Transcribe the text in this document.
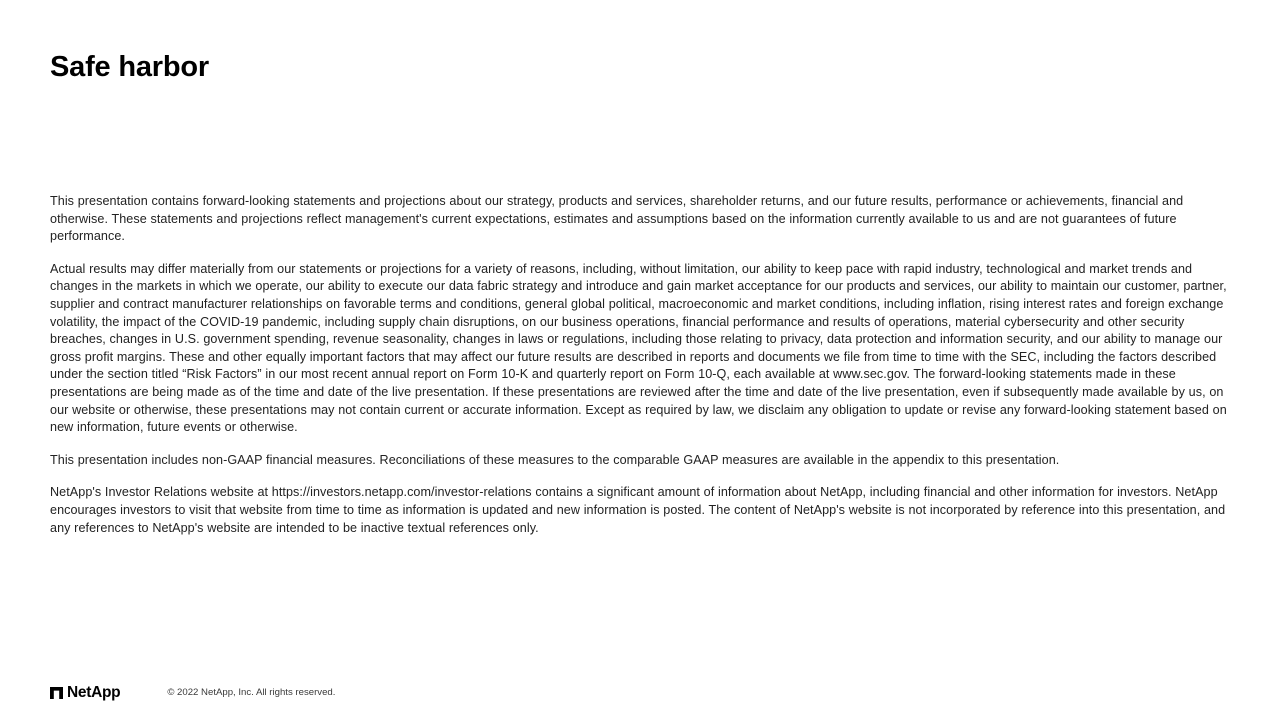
Safe harbor

This presentation contains forward-looking statements and projections about our strategy, products and services, shareholder returns, and our future results, performance or achievements, financial and otherwise. These statements and projections reflect management's current expectations, estimates and assumptions based on the information currently available to us and are not guarantees of future performance.

Actual results may differ materially from our statements or projections for a variety of reasons, including, without limitation, our ability to keep pace with rapid industry, technological and market trends and changes in the markets in which we operate, our ability to execute our data fabric strategy and introduce and gain market acceptance for our products and services, our ability to maintain our customer, partner, supplier and contract manufacturer relationships on favorable terms and conditions, general global political, macroeconomic and market conditions, including inflation, rising interest rates and foreign exchange volatility, the impact of the COVID-19 pandemic, including supply chain disruptions, on our business operations, financial performance and results of operations, material cybersecurity and other security breaches, changes in U.S. government spending, revenue seasonality, changes in laws or regulations, including those relating to privacy, data protection and information security, and our ability to manage our gross profit margins. These and other equally important factors that may affect our future results are described in reports and documents we file from time to time with the SEC, including the factors described under the section titled “Risk Factors” in our most recent annual report on Form 10-K and quarterly report on Form 10-Q, each available at www.sec.gov. The forward-looking statements made in these presentations are being made as of the time and date of the live presentation. If these presentations are reviewed after the time and date of the live presentation, even if subsequently made available by us, on our website or otherwise, these presentations may not contain current or accurate information. Except as required by law, we disclaim any obligation to update or revise any forward-looking statement based on new information, future events or otherwise.

This presentation includes non-GAAP financial measures. Reconciliations of these measures to the comparable GAAP measures are available in the appendix to this presentation.

NetApp's Investor Relations website at https://investors.netapp.com/investor-relations contains a significant amount of information about NetApp, including financial and other information for investors. NetApp encourages investors to visit that website from time to time as information is updated and new information is posted. The content of NetApp's website is not incorporated by reference into this presentation, and any references to NetApp's website are intended to be inactive textual references only.

NetApp	© 2022 NetApp, Inc. All rights reserved.
